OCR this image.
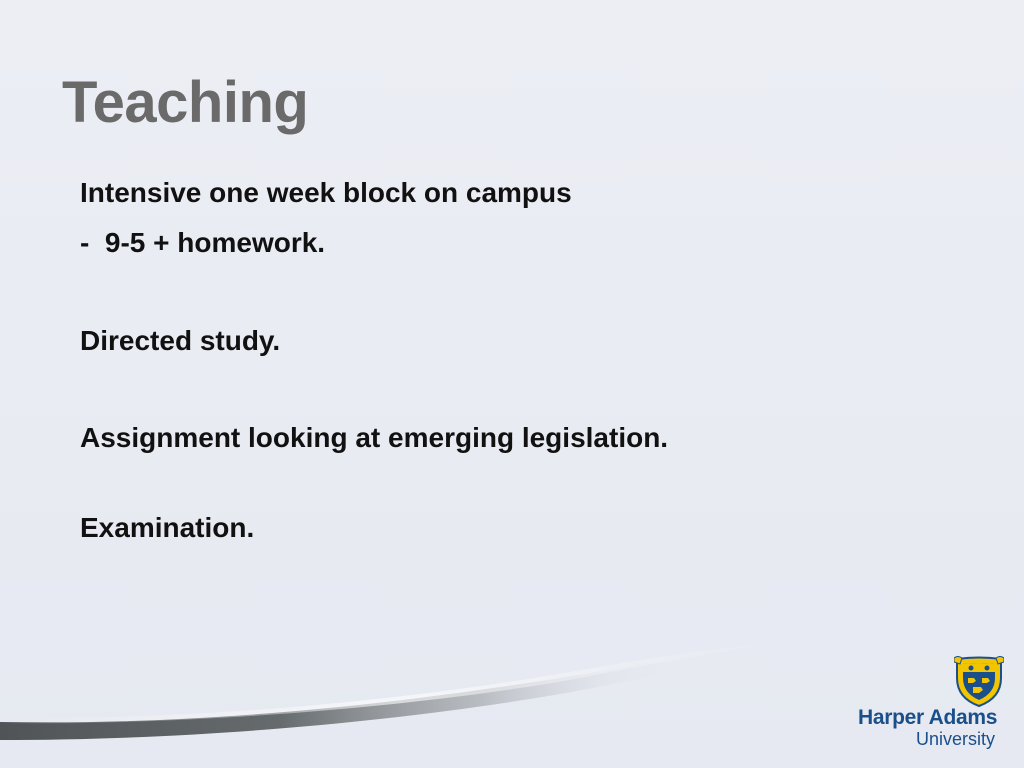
Teaching
Intensive one week block on campus
-  9-5 + homework.
Directed study.
Assignment looking at emerging legislation.
Examination.
Harper Adams
University
